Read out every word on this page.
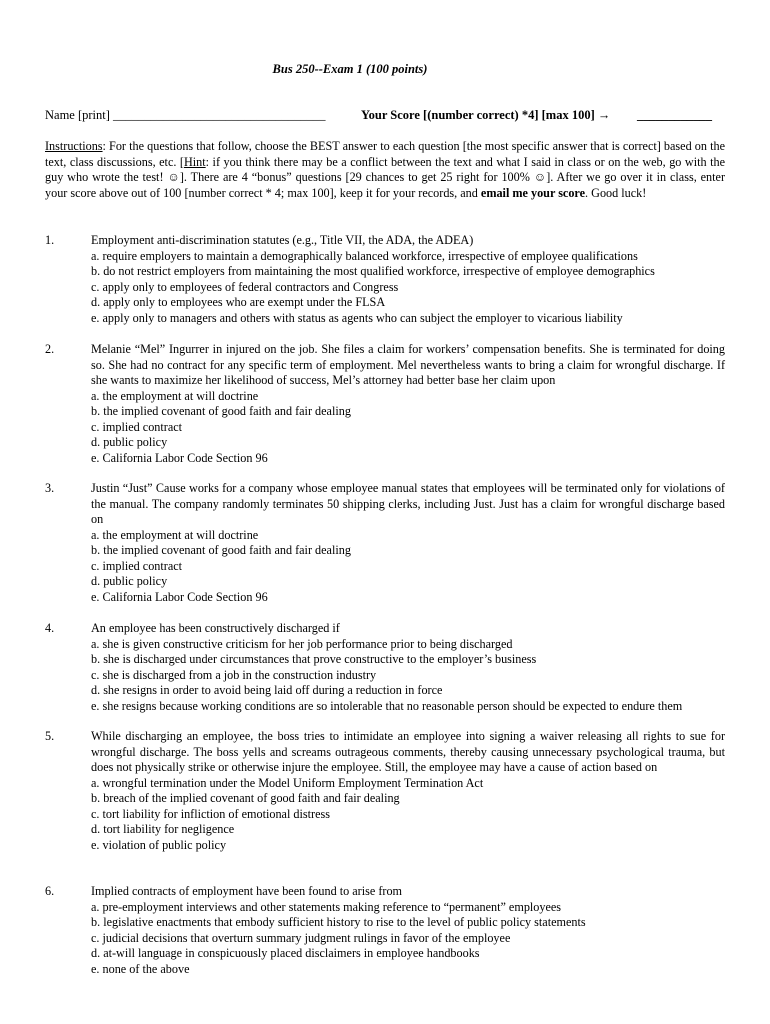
Bus 250--Exam 1 (100 points)
Name [print] __________________________________	Your Score [(number correct) *4] [max 100] → ____________
Instructions: For the questions that follow, choose the BEST answer to each question [the most specific answer that is correct] based on the text, class discussions, etc. [Hint: if you think there may be a conflict between the text and what I said in class or on the web, go with the guy who wrote the test! ☺]. There are 4 “bonus” questions [29 chances to get 25 right for 100% ☺]. After we go over it in class, enter your score above out of 100 [number correct * 4; max 100], keep it for your records, and email me your score. Good luck!
1.	Employment anti-discrimination statutes (e.g., Title VII, the ADA, the ADEA)
a. require employers to maintain a demographically balanced workforce, irrespective of employee qualifications
b. do not restrict employers from maintaining the most qualified workforce, irrespective of employee demographics
c. apply only to employees of federal contractors and Congress
d. apply only to employees who are exempt under the FLSA
e. apply only to managers and others with status as agents who can subject the employer to vicarious liability
2.	Melanie “Mel” Ingurrer in injured on the job. She files a claim for workers’ compensation benefits. She is terminated for doing so. She had no contract for any specific term of employment. Mel nevertheless wants to bring a claim for wrongful discharge. If she wants to maximize her likelihood of success, Mel’s attorney had better base her claim upon
a. the employment at will doctrine
b. the implied covenant of good faith and fair dealing
c. implied contract
d. public policy
e. California Labor Code Section 96
3.	Justin “Just” Cause works for a company whose employee manual states that employees will be terminated only for violations of the manual. The company randomly terminates 50 shipping clerks, including Just. Just has a claim for wrongful discharge based on
a. the employment at will doctrine
b. the implied covenant of good faith and fair dealing
c. implied contract
d. public policy
e. California Labor Code Section 96
4.	An employee has been constructively discharged if
a. she is given constructive criticism for her job performance prior to being discharged
b. she is discharged under circumstances that prove constructive to the employer’s business
c. she is discharged from a job in the construction industry
d. she resigns in order to avoid being laid off during a reduction in force
e. she resigns because working conditions are so intolerable that no reasonable person should be expected to endure them
5.	While discharging an employee, the boss tries to intimidate an employee into signing a waiver releasing all rights to sue for wrongful discharge. The boss yells and screams outrageous comments, thereby causing unnecessary psychological trauma, but does not physically strike or otherwise injure the employee. Still, the employee may have a cause of action based on
a. wrongful termination under the Model Uniform Employment Termination Act
b. breach of the implied covenant of good faith and fair dealing
c. tort liability for infliction of emotional distress
d. tort liability for negligence
e. violation of public policy
6.	Implied contracts of employment have been found to arise from
a. pre-employment interviews and other statements making reference to “permanent” employees
b. legislative enactments that embody sufficient history to rise to the level of public policy statements
c. judicial decisions that overturn summary judgment rulings in favor of the employee
d. at-will language in conspicuously placed disclaimers in employee handbooks
e. none of the above
